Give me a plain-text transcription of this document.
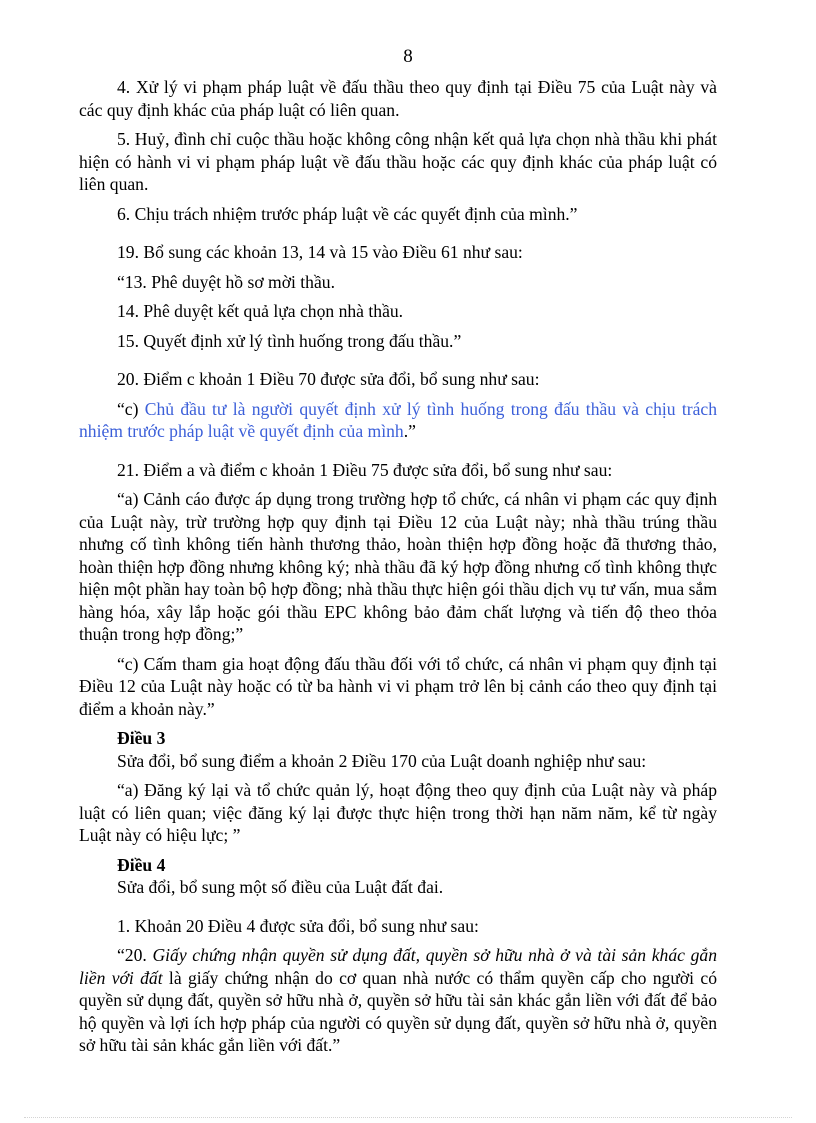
8

4. Xử lý vi phạm pháp luật về đấu thầu theo quy định tại Điều 75 của Luật này và các quy định khác của pháp luật có liên quan.

5. Huỷ, đình chỉ cuộc thầu hoặc không công nhận kết quả lựa chọn nhà thầu khi phát hiện có hành vi vi phạm pháp luật về đấu thầu hoặc các quy định khác của pháp luật có liên quan.

6. Chịu trách nhiệm trước pháp luật về các quyết định của mình.”

19. Bổ sung các khoản 13, 14 và 15 vào Điều 61 như sau:

“13. Phê duyệt hồ sơ mời thầu.

14. Phê duyệt kết quả lựa chọn nhà thầu.

15. Quyết định xử lý tình huống trong đấu thầu.”

20. Điểm c khoản 1 Điều 70 được sửa đổi, bổ sung như sau:

“c) Chủ đầu tư là người quyết định xử lý tình huống trong đấu thầu và chịu trách nhiệm trước pháp luật về quyết định của mình.”

21. Điểm a và điểm c khoản 1 Điều 75 được sửa đổi, bổ sung như sau:

“a) Cảnh cáo được áp dụng trong trường hợp tổ chức, cá nhân vi phạm các quy định của Luật này, trừ trường hợp quy định tại Điều 12 của Luật này; nhà thầu trúng thầu nhưng cố tình không tiến hành thương thảo, hoàn thiện hợp đồng hoặc đã thương thảo, hoàn thiện hợp đồng nhưng không ký; nhà thầu đã ký hợp đồng nhưng cố tình không thực hiện một phần hay toàn bộ hợp đồng; nhà thầu thực hiện gói thầu dịch vụ tư vấn, mua sắm hàng hóa, xây lắp hoặc gói thầu EPC không bảo đảm chất lượng và tiến độ theo thỏa thuận trong hợp đồng;”

“c) Cấm tham gia hoạt động đấu thầu đối với tổ chức, cá nhân vi phạm quy định tại Điều 12 của Luật này hoặc có từ ba hành vi vi phạm trở lên bị cảnh cáo theo quy định tại điểm a khoản này.”

Điều 3

Sửa đổi, bổ sung điểm a khoản 2 Điều 170 của Luật doanh nghiệp như sau:

“a) Đăng ký lại và tổ chức quản lý, hoạt động theo quy định của Luật này và pháp luật có liên quan; việc đăng ký lại được thực hiện trong thời hạn năm năm, kể từ ngày Luật này có hiệu lực; ”

Điều 4

Sửa đổi, bổ sung một số điều của Luật đất đai.

1. Khoản 20 Điều 4 được sửa đổi, bổ sung như sau:

“20. Giấy chứng nhận quyền sử dụng đất, quyền sở hữu nhà ở và tài sản khác gắn liền với đất là giấy chứng nhận do cơ quan nhà nước có thẩm quyền cấp cho người có quyền sử dụng đất, quyền sở hữu nhà ở, quyền sở hữu tài sản khác gắn liền với đất để bảo hộ quyền và lợi ích hợp pháp của người có quyền sử dụng đất, quyền sở hữu nhà ở, quyền sở hữu tài sản khác gắn liền với đất.”
